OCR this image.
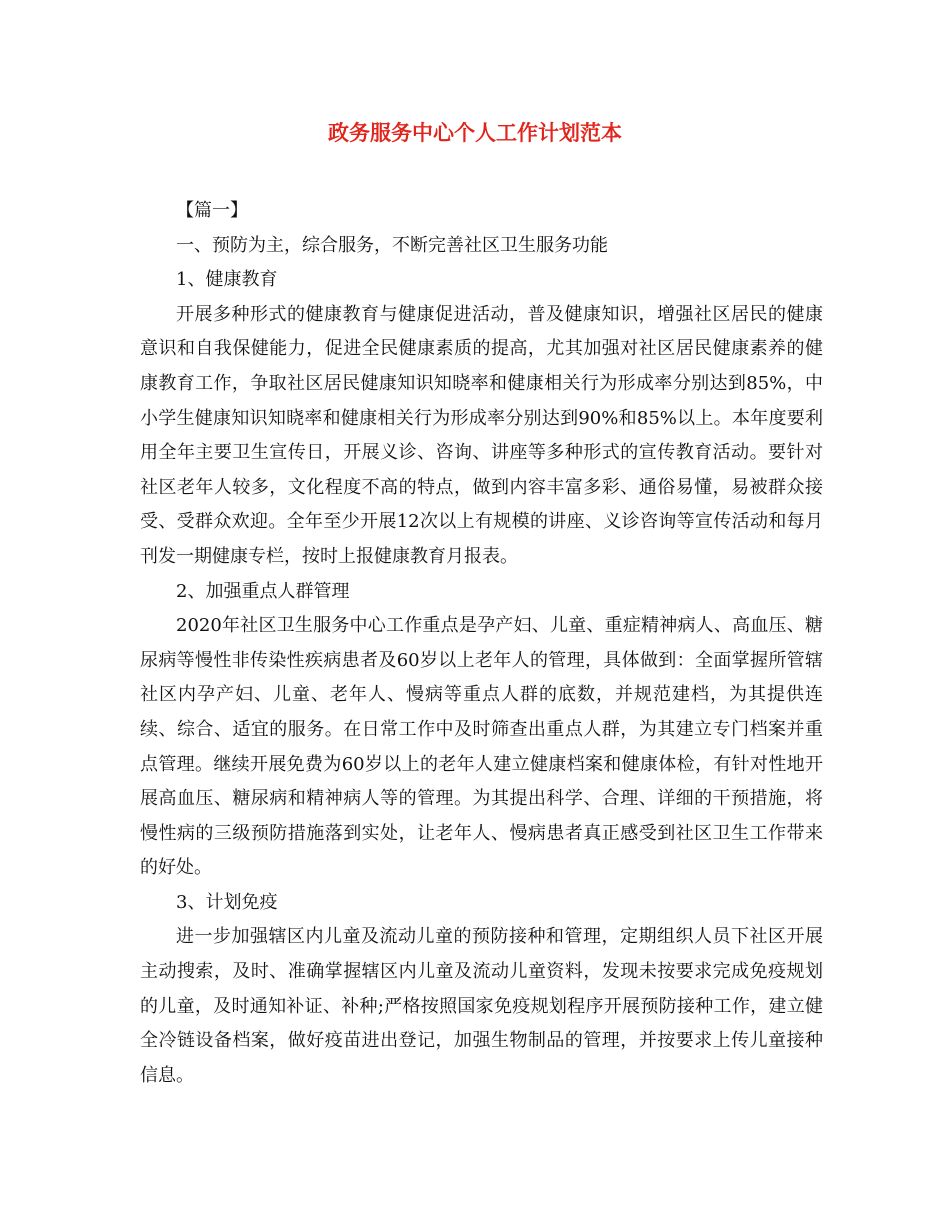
政务服务中心个人工作计划范本

【篇一】

一、预防为主，综合服务，不断完善社区卫生服务功能

1、健康教育

开展多种形式的健康教育与健康促进活动，普及健康知识，增强社区居民的健康意识和自我保健能力，促进全民健康素质的提高，尤其加强对社区居民健康素养的健康教育工作，争取社区居民健康知识知晓率和健康相关行为形成率分别达到85%，中小学生健康知识知晓率和健康相关行为形成率分别达到90%和85%以上。本年度要利用全年主要卫生宣传日，开展义诊、咨询、讲座等多种形式的宣传教育活动。要针对社区老年人较多，文化程度不高的特点，做到内容丰富多彩、通俗易懂，易被群众接受、受群众欢迎。全年至少开展12次以上有规模的讲座、义诊咨询等宣传活动和每月刊发一期健康专栏，按时上报健康教育月报表。

2、加强重点人群管理

2020年社区卫生服务中心工作重点是孕产妇、儿童、重症精神病人、高血压、糖尿病等慢性非传染性疾病患者及60岁以上老年人的管理，具体做到：全面掌握所管辖社区内孕产妇、儿童、老年人、慢病等重点人群的底数，并规范建档，为其提供连续、综合、适宜的服务。在日常工作中及时筛查出重点人群，为其建立专门档案并重点管理。继续开展免费为60岁以上的老年人建立健康档案和健康体检，有针对性地开展高血压、糖尿病和精神病人等的管理。为其提出科学、合理、详细的干预措施，将慢性病的三级预防措施落到实处，让老年人、慢病患者真正感受到社区卫生工作带来的好处。

3、计划免疫

进一步加强辖区内儿童及流动儿童的预防接种和管理，定期组织人员下社区开展主动搜索，及时、准确掌握辖区内儿童及流动儿童资料，发现未按要求完成免疫规划的儿童，及时通知补证、补种;严格按照国家免疫规划程序开展预防接种工作，建立健全冷链设备档案，做好疫苗进出登记，加强生物制品的管理，并按要求上传儿童接种信息。
